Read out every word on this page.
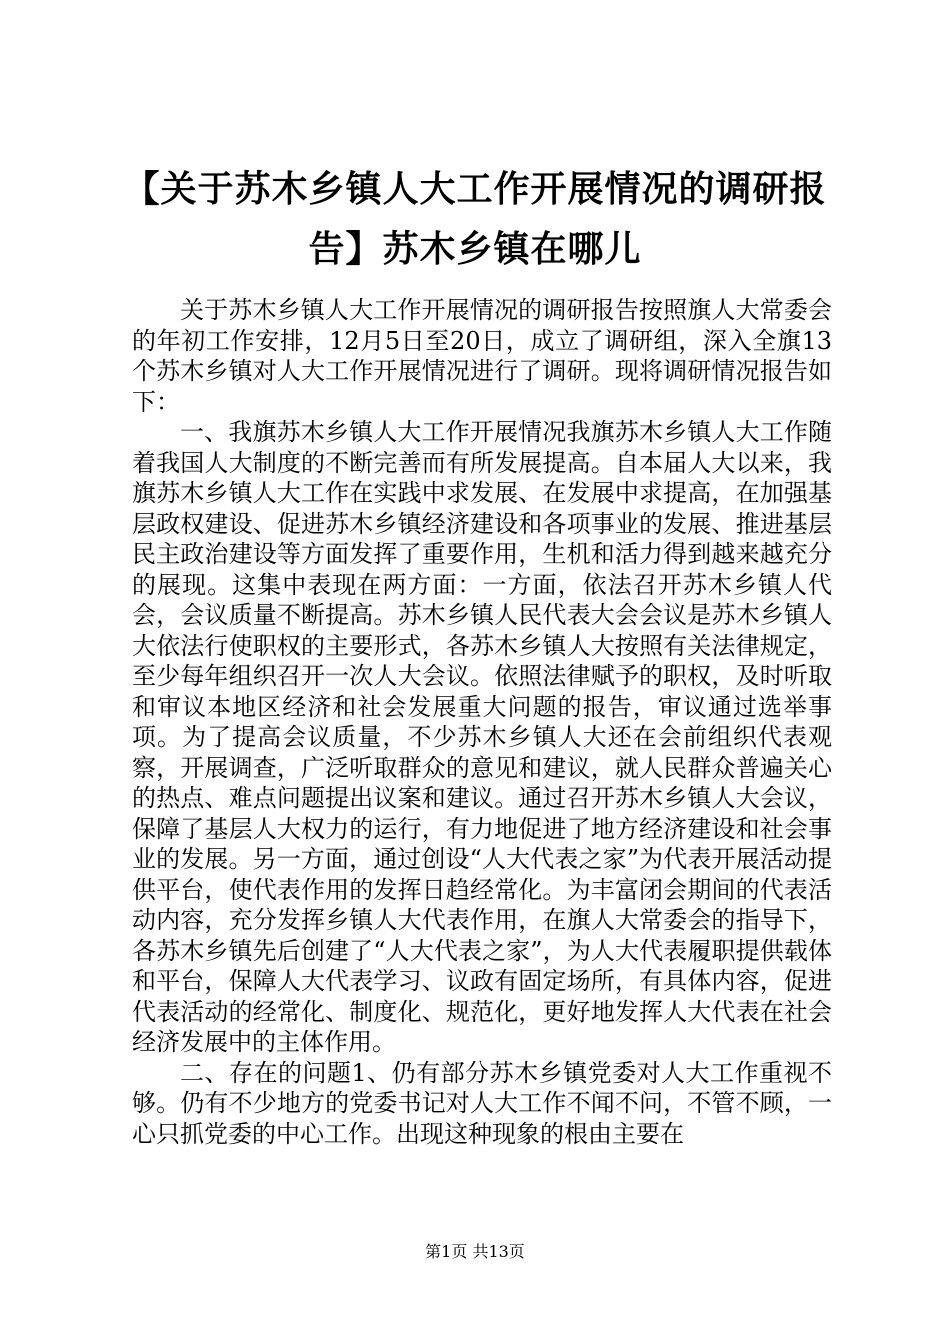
【关于苏木乡镇人大工作开展情况的调研报告】苏木乡镇在哪儿

关于苏木乡镇人大工作开展情况的调研报告按照旗人大常委会的年初工作安排，12月5日至20日，成立了调研组，深入全旗13个苏木乡镇对人大工作开展情况进行了调研。现将调研情况报告如下：

一、我旗苏木乡镇人大工作开展情况我旗苏木乡镇人大工作随着我国人大制度的不断完善而有所发展提高。自本届人大以来，我旗苏木乡镇人大工作在实践中求发展、在发展中求提高，在加强基层政权建设、促进苏木乡镇经济建设和各项事业的发展、推进基层民主政治建设等方面发挥了重要作用，生机和活力得到越来越充分的展现。这集中表现在两方面：一方面，依法召开苏木乡镇人代会，会议质量不断提高。苏木乡镇人民代表大会会议是苏木乡镇人大依法行使职权的主要形式，各苏木乡镇人大按照有关法律规定，至少每年组织召开一次人大会议。依照法律赋予的职权，及时听取和审议本地区经济和社会发展重大问题的报告，审议通过选举事项。为了提高会议质量，不少苏木乡镇人大还在会前组织代表观察，开展调查，广泛听取群众的意见和建议，就人民群众普遍关心的热点、难点问题提出议案和建议。通过召开苏木乡镇人大会议，保障了基层人大权力的运行，有力地促进了地方经济建设和社会事业的发展。另一方面，通过创设“人大代表之家”为代表开展活动提供平台，使代表作用的发挥日趋经常化。为丰富闭会期间的代表活动内容，充分发挥乡镇人大代表作用，在旗人大常委会的指导下，各苏木乡镇先后创建了“人大代表之家”，为人大代表履职提供载体和平台，保障人大代表学习、议政有固定场所，有具体内容，促进代表活动的经常化、制度化、规范化，更好地发挥人大代表在社会经济发展中的主体作用。

二、存在的问题1、仍有部分苏木乡镇党委对人大工作重视不够。仍有不少地方的党委书记对人大工作不闻不问，不管不顾，一心只抓党委的中心工作。出现这种现象的根由主要在

第1页 共13页
